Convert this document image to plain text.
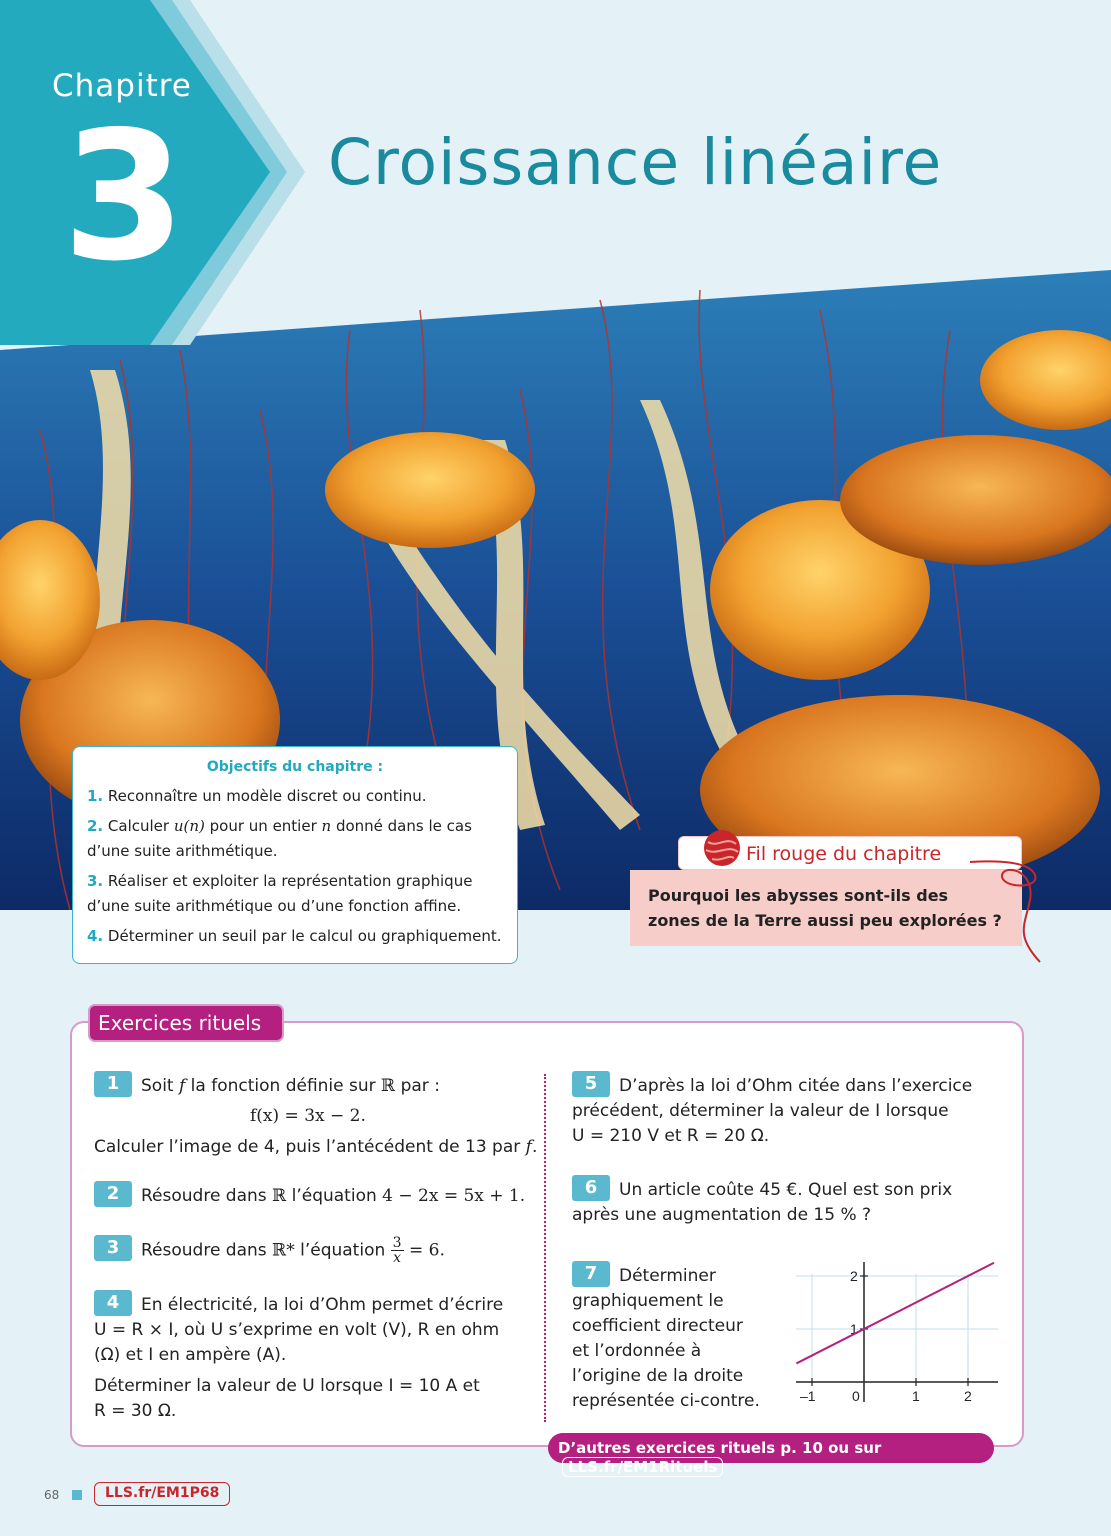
Chapitre
3 Croissance linéaire
Objectifs du chapitre :
1. Reconnaître un modèle discret ou continu.
2. Calculer u(n) pour un entier n donné dans le cas d’une suite arithmétique.
3. Réaliser et exploiter la représentation graphique d’une suite arithmétique ou d’une fonction affine.
4. Déterminer un seuil par le calcul ou graphiquement.
Pourquoi les abysses sont-ils des zones de la Terre aussi peu explorées ?
Fil rouge du chapitre
Exercices rituels
1	Soit f la fonction définie sur ℝ par :
f(x) = 3x − 2.
Calculer l’image de 4, puis l’antécédent de 13 par f.
2	Résoudre dans ℝ l’équation 4 − 2x = 5x + 1.
3	Résoudre dans ℝ* l’équation $\frac{3}{x} = 6$.
4	En électricité, la loi d’Ohm permet d’écrire
U = R × I, où U s’exprime en volt (V), R en ohm
(Ω) et I en ampère (A).
Déterminer la valeur de U lorsque I = 10 A et
R = 30 Ω.
5	D’après la loi d’Ohm citée dans l’exercice
précédent, déterminer la valeur de I lorsque
U = 210 V et R = 20 Ω.
6	Un article coûte 45 €. Quel est son prix
après une augmentation de 15 % ?
7	Déterminer
graphiquement le
coefficient directeur
et l’ordonnée à
l’origine de la droite
représentée ci-contre.	–1	0	1	2
2
1
D’autres exercices rituels p. 10 ou sur LLS.fr/EM1Rituels
68	LLS.fr/EM1P68
